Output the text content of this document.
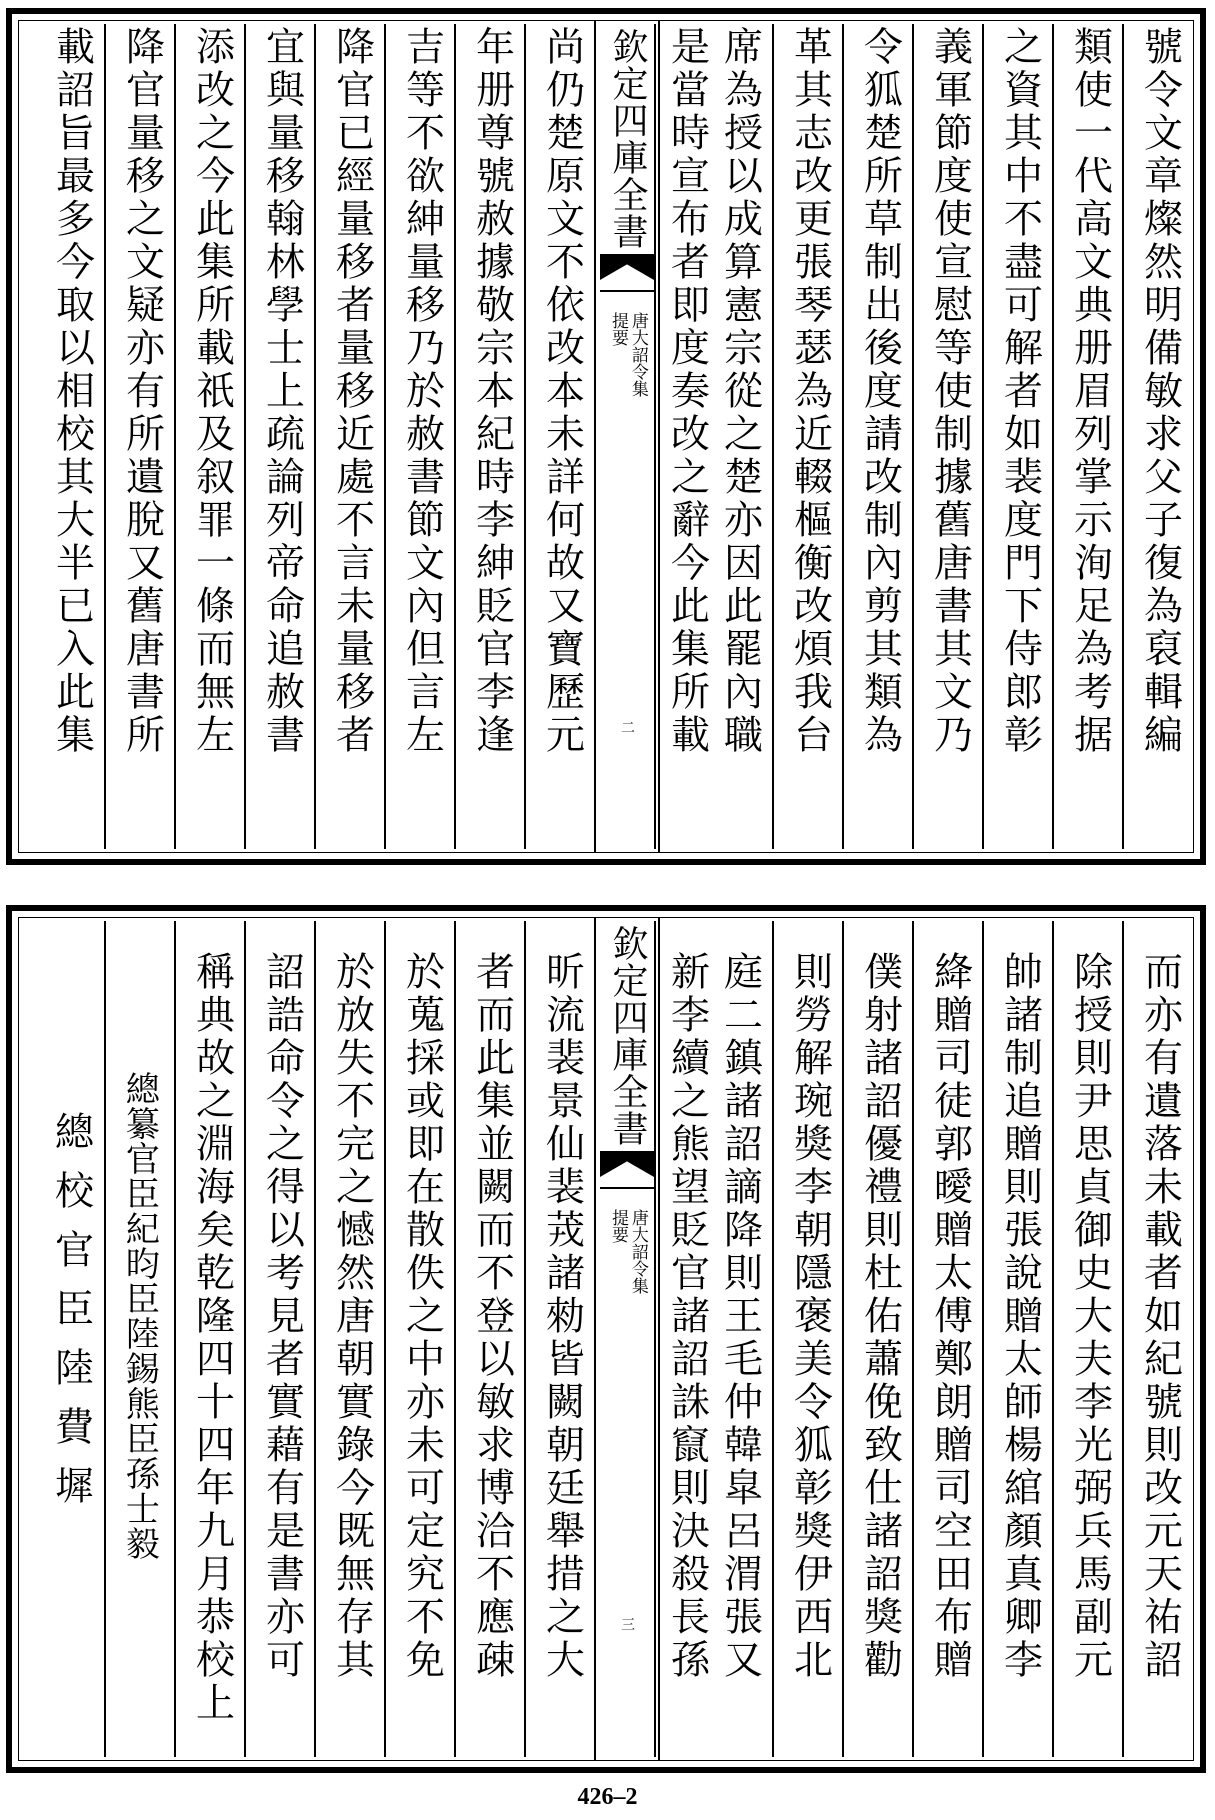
號令文章燦然明備敏求父子復為裒輯編
類使一代高文典册眉列掌示洵足為考据
之資其中不盡可解者如裴度門下侍郎彰
義軍節度使宣慰等使制據舊唐書其文乃
令狐楚所草制出後度請改制內剪其類為
革其志改更張琴瑟為近輟樞衡改煩我台
席為授以成算憲宗從之楚亦因此罷內職
欽定四庫全書
唐大詔令集
提要
二 是當時宣布者即度奏改之辭今此集所載
尚仍楚原文不依改本未詳何故又寶歷元
年册尊號赦據敬宗本紀時李紳貶官李逢
吉等不欲紳量移乃於赦書節文內但言左
降官已經量移者量移近處不言未量移者
宜與量移翰林學士上疏論列帝命追赦書
添改之今此集所載祇及叙罪一條而無左
降官量移之文疑亦有所遺脫又舊唐書所
載詔旨最多今取以相校其大半已入此集
而亦有遺落未載者如紀號則改元天祐詔
除授則尹思貞御史大夫李光弼兵馬副元
帥諸制追贈則張說贈太師楊綰顏真卿李
絳贈司徒郭曖贈太傅鄭朗贈司空田布贈
僕射諸詔優禮則杜佑蕭俛致仕諸詔獎勸
則勞解琬獎李朝隱褒美令狐彰獎伊西北
庭二鎮諸詔謫降則王毛仲韓皐呂渭張又
欽定四庫全書
唐大詔令集
提要
三 新李續之熊望貶官諸詔誅竄則決殺長孫
昕流裴景仙裴茙諸勑皆闕朝廷舉措之大
者而此集並闕而不登以敏求博洽不應疎
於蒐採或即在散佚之中亦未可定究不免
於放失不完之憾然唐朝實錄今既無存其
詔誥命令之得以考見者實藉有是書亦可
稱典故之淵海矣乾隆四十四年九月恭校上
總纂官臣紀昀臣陸錫熊臣孫士毅
總校官臣陸費墀
426–2
